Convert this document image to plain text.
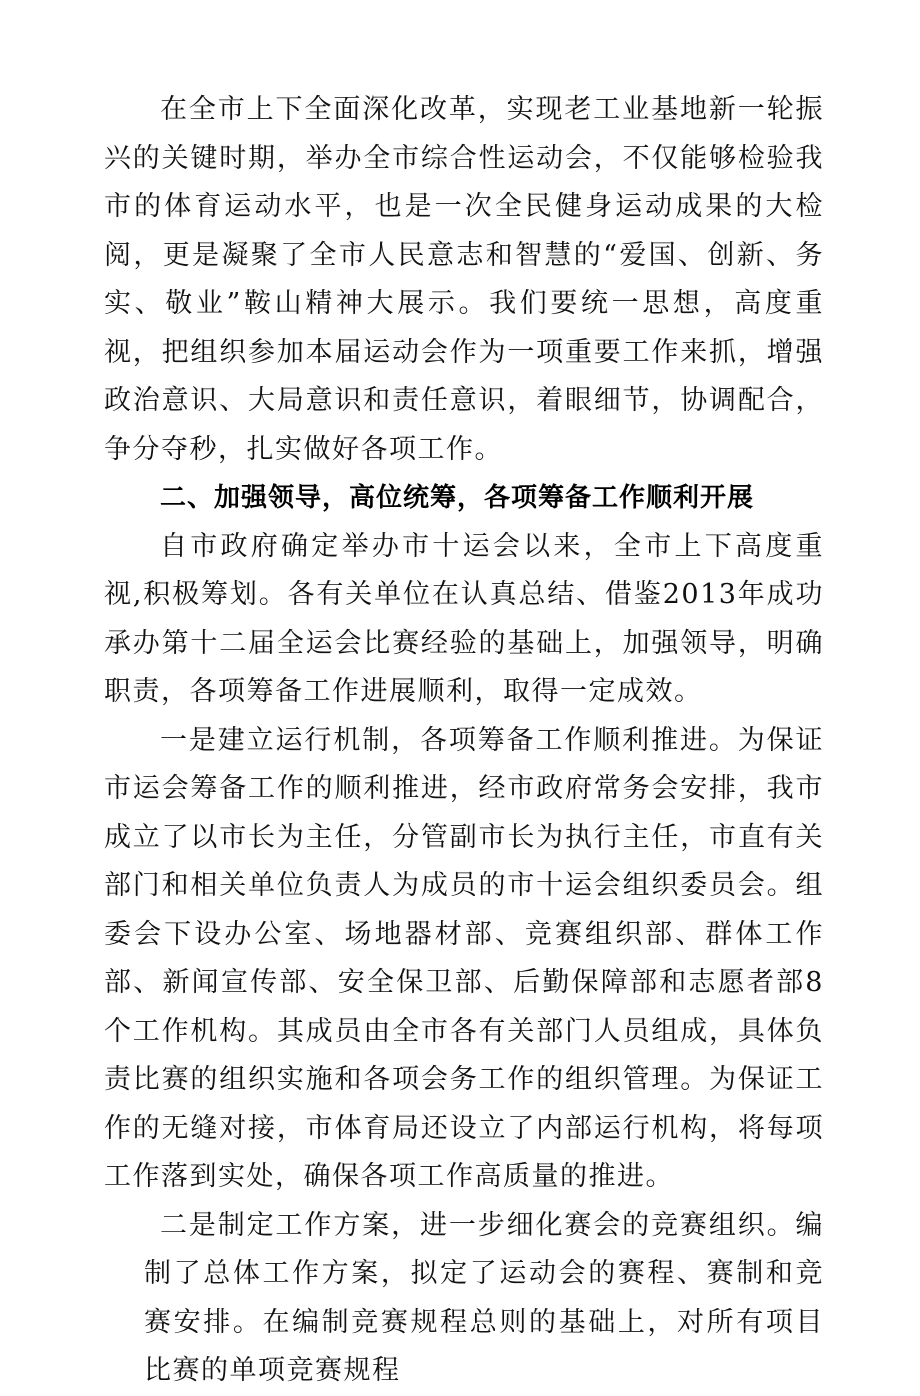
在全市上下全面深化改革，实现老工业基地新一轮振兴的关键时期，举办全市综合性运动会，不仅能够检验我市的体育运动水平，也是一次全民健身运动成果的大检阅，更是凝聚了全市人民意志和智慧的“爱国、创新、务实、敬业”鞍山精神大展示。我们要统一思想，高度重视，把组织参加本届运动会作为一项重要工作来抓，增强政治意识、大局意识和责任意识，着眼细节，协调配合，争分夺秒，扎实做好各项工作。

二、加强领导，高位统筹，各项筹备工作顺利开展

自市政府确定举办市十运会以来，全市上下高度重视,积极筹划。各有关单位在认真总结、借鉴2013年成功承办第十二届全运会比赛经验的基础上，加强领导，明确职责，各项筹备工作进展顺利，取得一定成效。

一是建立运行机制，各项筹备工作顺利推进。为保证市运会筹备工作的顺利推进，经市政府常务会安排，我市成立了以市长为主任，分管副市长为执行主任，市直有关部门和相关单位负责人为成员的市十运会组织委员会。组委会下设办公室、场地器材部、竞赛组织部、群体工作部、新闻宣传部、安全保卫部、后勤保障部和志愿者部8个工作机构。其成员由全市各有关部门人员组成，具体负责比赛的组织实施和各项会务工作的组织管理。为保证工作的无缝对接，市体育局还设立了内部运行机构，将每项工作落到实处，确保各项工作高质量的推进。

二是制定工作方案，进一步细化赛会的竞赛组织。编制了总体工作方案，拟定了运动会的赛程、赛制和竞赛安排。在编制竞赛规程总则的基础上，对所有项目比赛的单项竞赛规程
